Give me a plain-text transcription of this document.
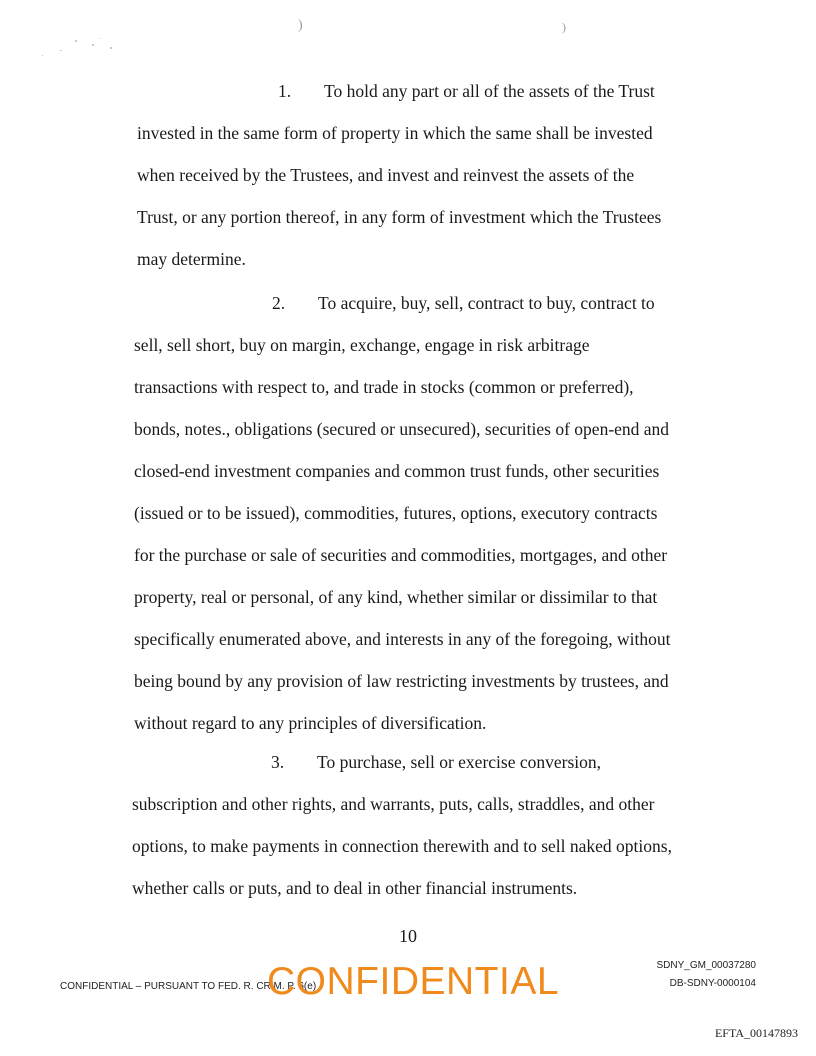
)	)
1. To hold any part or all of the assets of the Trust
invested in the same form of property in which the same shall be invested
when received by the Trustees, and invest and reinvest the assets of the
Trust, or any portion thereof, in any form of investment which the Trustees
may determine.
2. To acquire, buy, sell, contract to buy, contract to
sell, sell short, buy on margin, exchange, engage in risk arbitrage
transactions with respect to, and trade in stocks (common or preferred),
bonds, notes., obligations (secured or unsecured), securities of open-end and
closed-end investment companies and common trust funds, other securities
(issued or to be issued), commodities, futures, options, executory contracts
for the purchase or sale of securities and commodities, mortgages, and other
property, real or personal, of any kind, whether similar or dissimilar to that
specifically enumerated above, and interests in any of the foregoing, without
being bound by any provision of law restricting investments by trustees, and
without regard to any principles of diversification.
3. To purchase, sell or exercise conversion,
subscription and other rights, and warrants, puts, calls, straddles, and other
options, to make payments in connection therewith and to sell naked options,
whether calls or puts, and to deal in other financial instruments.
10
CONFIDENTIAL – PURSUANT TO FED. R. CRIM. P. 6(e)
CONFIDENTIAL	SDNY_GM_00037280
DB-SDNY-0000104
EFTA_00147893
